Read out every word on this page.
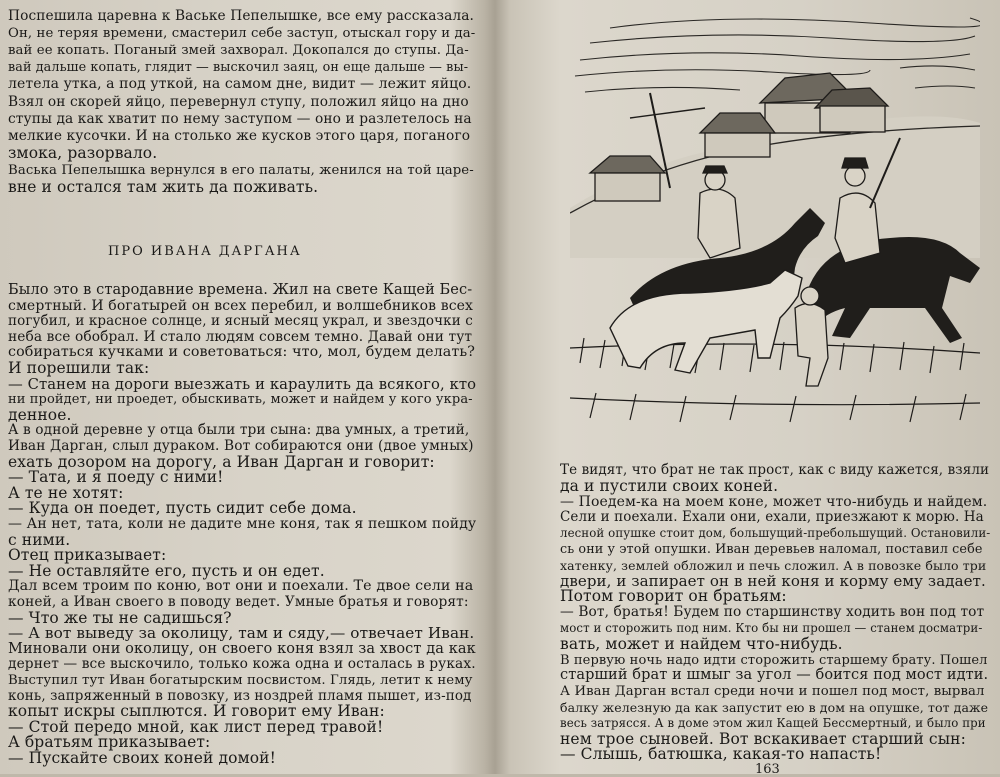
Поспешила царевна к Ваське Пепелышке, все ему рассказала.
Он, не теряя времени, смастерил себе заступ, отыскал гору и да-
вай ее копать. Поганый змей захворал. Докопался до ступы. Да-
вай дальше копать, глядит — выскочил заяц, он еще дальше — вы-
летела утка, а под уткой, на самом дне, видит — лежит яйцо.
Взял он скорей яйцо, перевернул ступу, положил яйцо на дно
ступы да как хватит по нему заступом — оно и разлетелось на
мелкие кусочки. И на столько же кусков этого царя, поганого
змока, разорвало.
Васька Пепелышка вернулся в его палаты, женился на той царе-
вне и остался там жить да поживать.
ПРО ИВАНА ДАРГАНА
Было это в стародавние времена. Жил на свете Кащей Бес-
смертный. И богатырей он всех перебил, и волшебников всех
погубил, и красное солнце, и ясный месяц украл, и звездочки с
неба все обобрал. И стало людям совсем темно. Давай они тут
собираться кучками и советоваться: что, мол, будем делать?
И порешили так:
— Станем на дороги выезжать и караулить да всякого, кто
ни пройдет, ни проедет, обыскивать, может и найдем у кого укра-
денное.
А в одной деревне у отца были три сына: два умных, а третий,
Иван Дарган, слыл дураком. Вот собираются они (двое умных)
ехать дозором на дорогу, а Иван Дарган и говорит:
— Тата, и я поеду с ними!
А те не хотят:
— Куда он поедет, пусть сидит себе дома.
— Ан нет, тата, коли не дадите мне коня, так я пешком пойду
с ними.
Отец приказывает:
— Не оставляйте его, пусть и он едет.
Дал всем троим по коню, вот они и поехали. Те двое сели на
коней, а Иван своего в поводу ведет. Умные братья и говорят:
— Что же ты не садишься?
— А вот выведу за околицу, там и сяду,— отвечает Иван.
Миновали они околицу, он своего коня взял за хвост да как
дернет — все выскочило, только кожа одна и осталась в руках.
Выступил тут Иван богатырским посвистом. Глядь, летит к нему
конь, запряженный в повозку, из ноздрей пламя пышет, из-под
копыт искры сыплются. И говорит ему Иван:
— Стой передо мной, как лист перед травой!
А братьям приказывает:
— Пускайте своих коней домой!
Те видят, что брат не так прост, как с виду кажется, взяли
да и пустили своих коней.
— Поедем-ка на моем коне, может что-нибудь и найдем.
Сели и поехали. Ехали они, ехали, приезжают к морю. На
лесной опушке стоит дом, большущий-пребольшущий. Остановили-
сь они у этой опушки. Иван деревьев наломал, поставил себе
хатенку, землей обложил и печь сложил. А в повозке было три
двери, и запирает он в ней коня и корму ему задает.
Потом говорит он братьям:
— Вот, братья! Будем по старшинству ходить вон под тот
мост и сторожить под ним. Кто бы ни прошел — станем досматри-
вать, может и найдем что-нибудь.
В первую ночь надо идти сторожить старшему брату. Пошел
старший брат и шмыг за угол — боится под мост идти.
А Иван Дарган встал среди ночи и пошел под мост, вырвал
балку железную да как запустит ею в дом на опушке, тот даже
весь затрясся. А в доме этом жил Кащей Бессмертный, и было при
нем трое сыновей. Вот вскакивает старший сын:
— Слышь, батюшка, какая-то напасть!
163
